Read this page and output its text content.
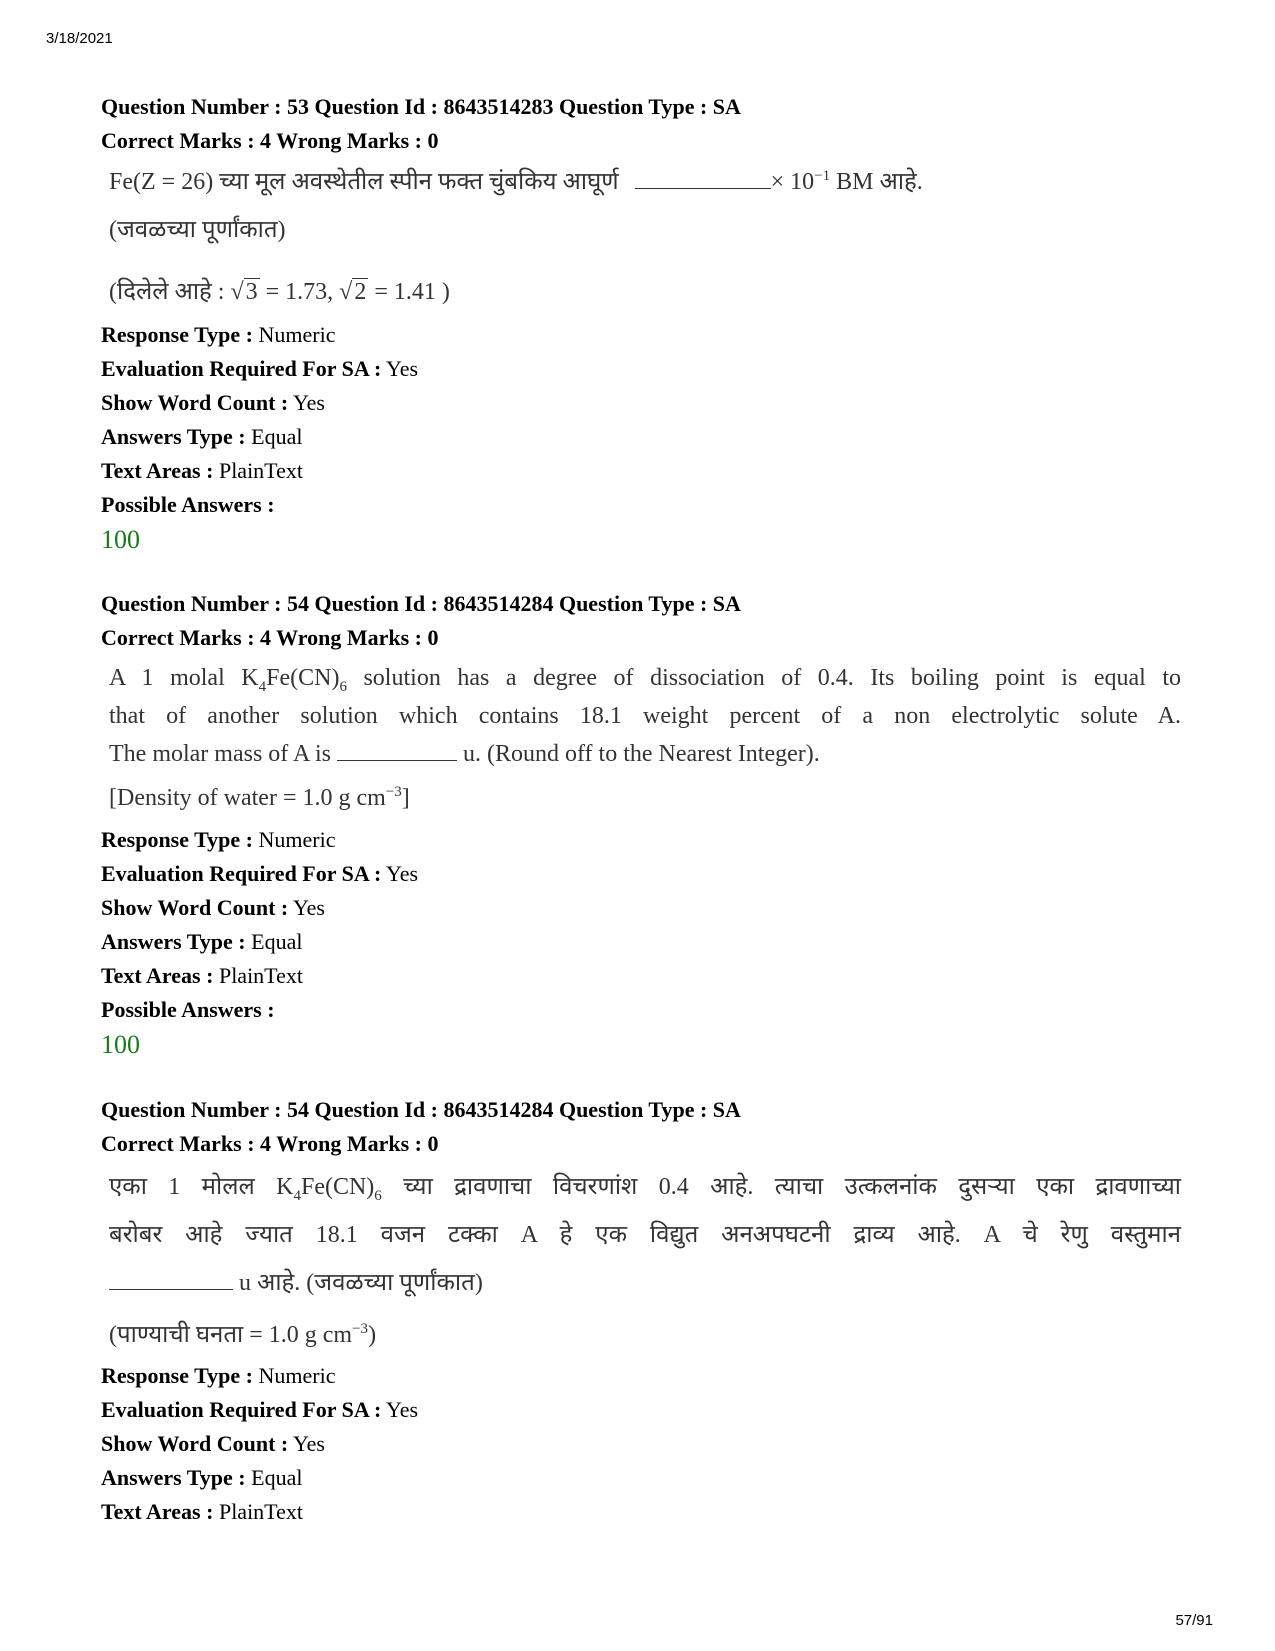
3/18/2021
Question Number : 53 Question Id : 8643514283 Question Type : SA
Correct Marks : 4 Wrong Marks : 0
Fe(Z = 26) च्या मूल अवस्थेतील स्पीन फक्त चुंबकिय आघूर्ण	× $10^{-1}$ BM आहे.
(जवळच्या पूर्णांकात)
(दिलेले आहे : √3 = 1.73, √2 = 1.41 )
Response Type : Numeric
Evaluation Required For SA : Yes
Show Word Count : Yes
Answers Type : Equal
Text Areas : PlainText
Possible Answers :
100
Question Number : 54 Question Id : 8643514284 Question Type : SA
Correct Marks : 4 Wrong Marks : 0
A 1 molal $K_4Fe(CN)_6$ solution has a degree of dissociation of 0.4. Its boiling point is equal to
that of another solution which contains 18.1 weight percent of a non electrolytic solute A.
The molar mass of A is	u. (Round off to the Nearest Integer).
[Density of water = 1.0 g $cm^{-3}$]
Response Type : Numeric
Evaluation Required For SA : Yes
Show Word Count : Yes
Answers Type : Equal
Text Areas : PlainText
Possible Answers :
100
Question Number : 54 Question Id : 8643514284 Question Type : SA
Correct Marks : 4 Wrong Marks : 0
एका 1 मोलल $K_4Fe(CN)_6$ च्या द्रावणाचा विचरणांश 0.4 आहे. त्याचा उत्कलनांक दुसऱ्या एका द्रावणाच्या
बरोबर आहे ज्यात 18.1 वजन टक्का A हे एक विद्युत अनअपघटनी द्राव्य आहे. A चे रेणु वस्तुमान
u आहे. (जवळच्या पूर्णांकात)
(पाण्याची घनता = 1.0 g $cm^{-3}$)
Response Type : Numeric
Evaluation Required For SA : Yes
Show Word Count : Yes
Answers Type : Equal
Text Areas : PlainText
57/91
